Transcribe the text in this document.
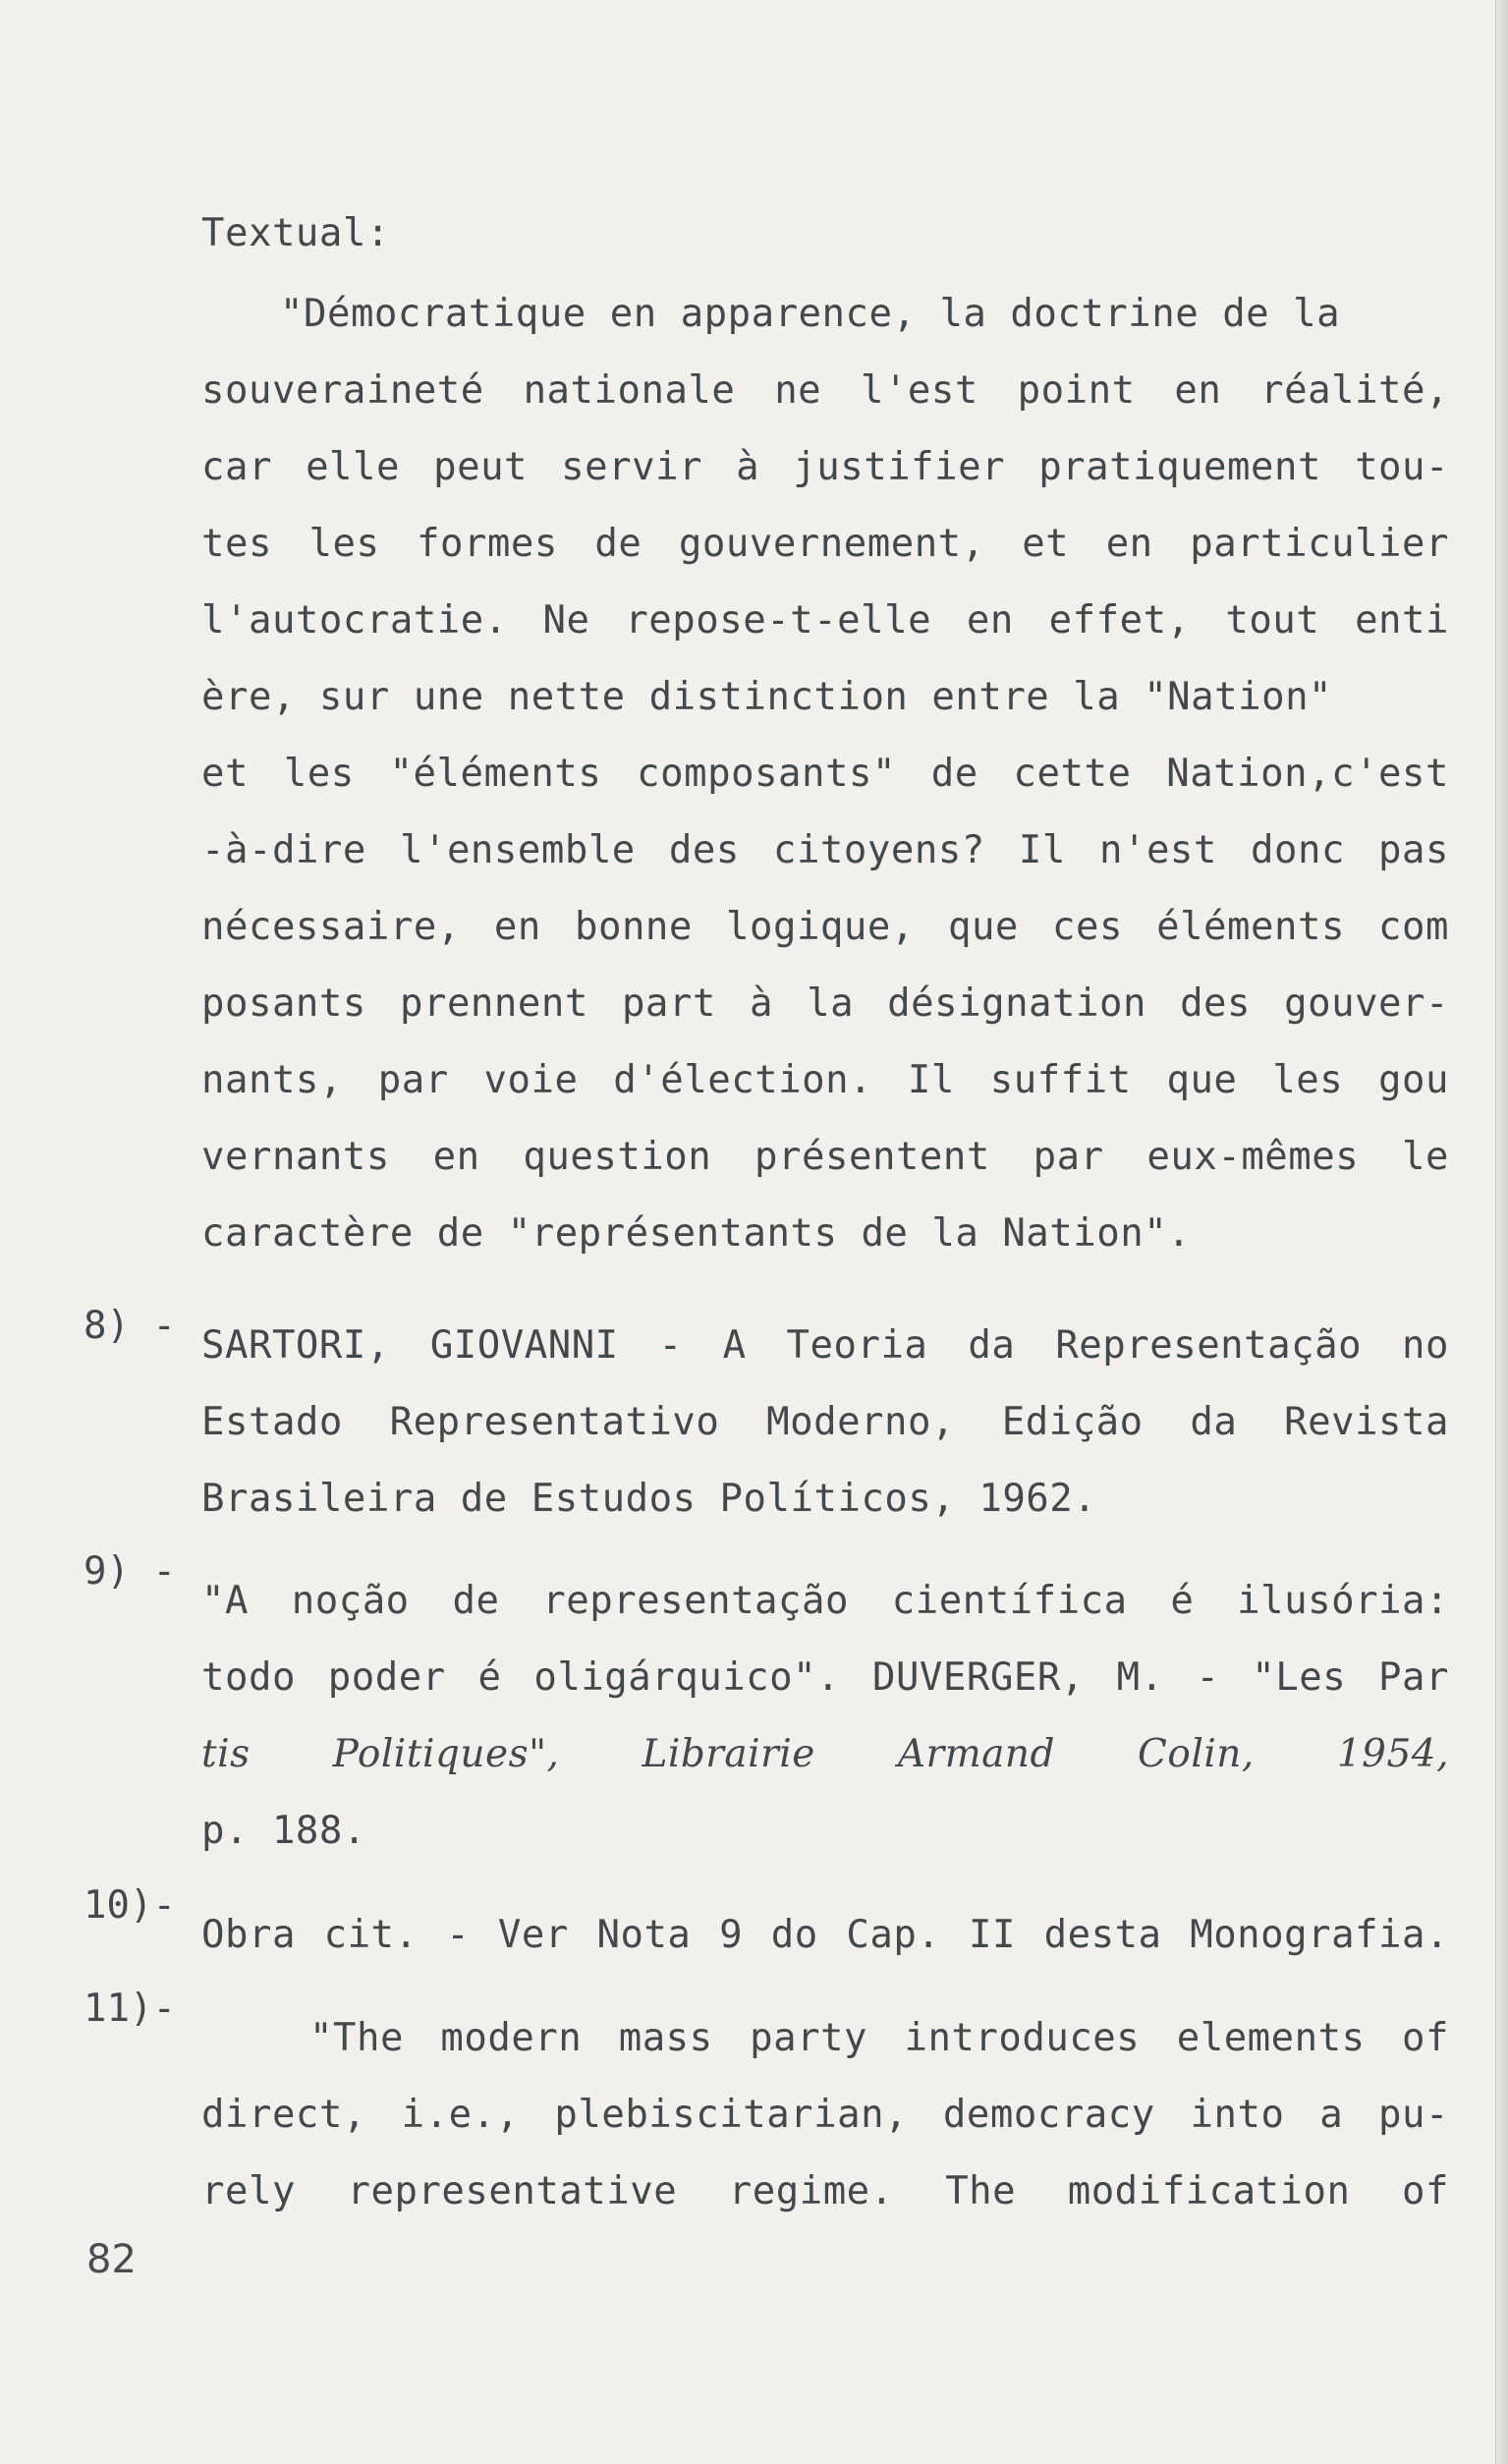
Textual:
"Démocratique en apparence, la doctrine de la
souveraineté nationale ne l'est point en réalité,
car elle peut servir à justifier pratiquement tou-
tes les formes de gouvernement, et en particulier
l'autocratie. Ne repose-t-elle en effet, tout enti
ère, sur une nette distinction entre la "Nation"
et les "éléments composants" de cette Nation,c'est
-à-dire l'ensemble des citoyens? Il n'est donc pas
nécessaire, en bonne logique, que ces éléments com
posants prennent part à la désignation des gouver-
nants, par voie d'élection. Il suffit que les gou
vernants en question présentent par eux-mêmes le
caractère de "représentants de la Nation".
8) - SARTORI, GIOVANNI - A Teoria da Representação no
Estado Representativo Moderno, Edição da Revista
Brasileira de Estudos Políticos, 1962.
9) -
"A noção de representação científica é ilusória:
todo poder é oligárquico". DUVERGER, M. - "Les Par
tis Politiques", Librairie Armand Colin, 1954,
p. 188.
10)-
Obra cit. - Ver Nota 9 do Cap. II desta Monografia.
11)-
"The modern mass party introduces elements of
direct, i.e., plebiscitarian, democracy into a pu-
rely representative regime. The modification of
82
